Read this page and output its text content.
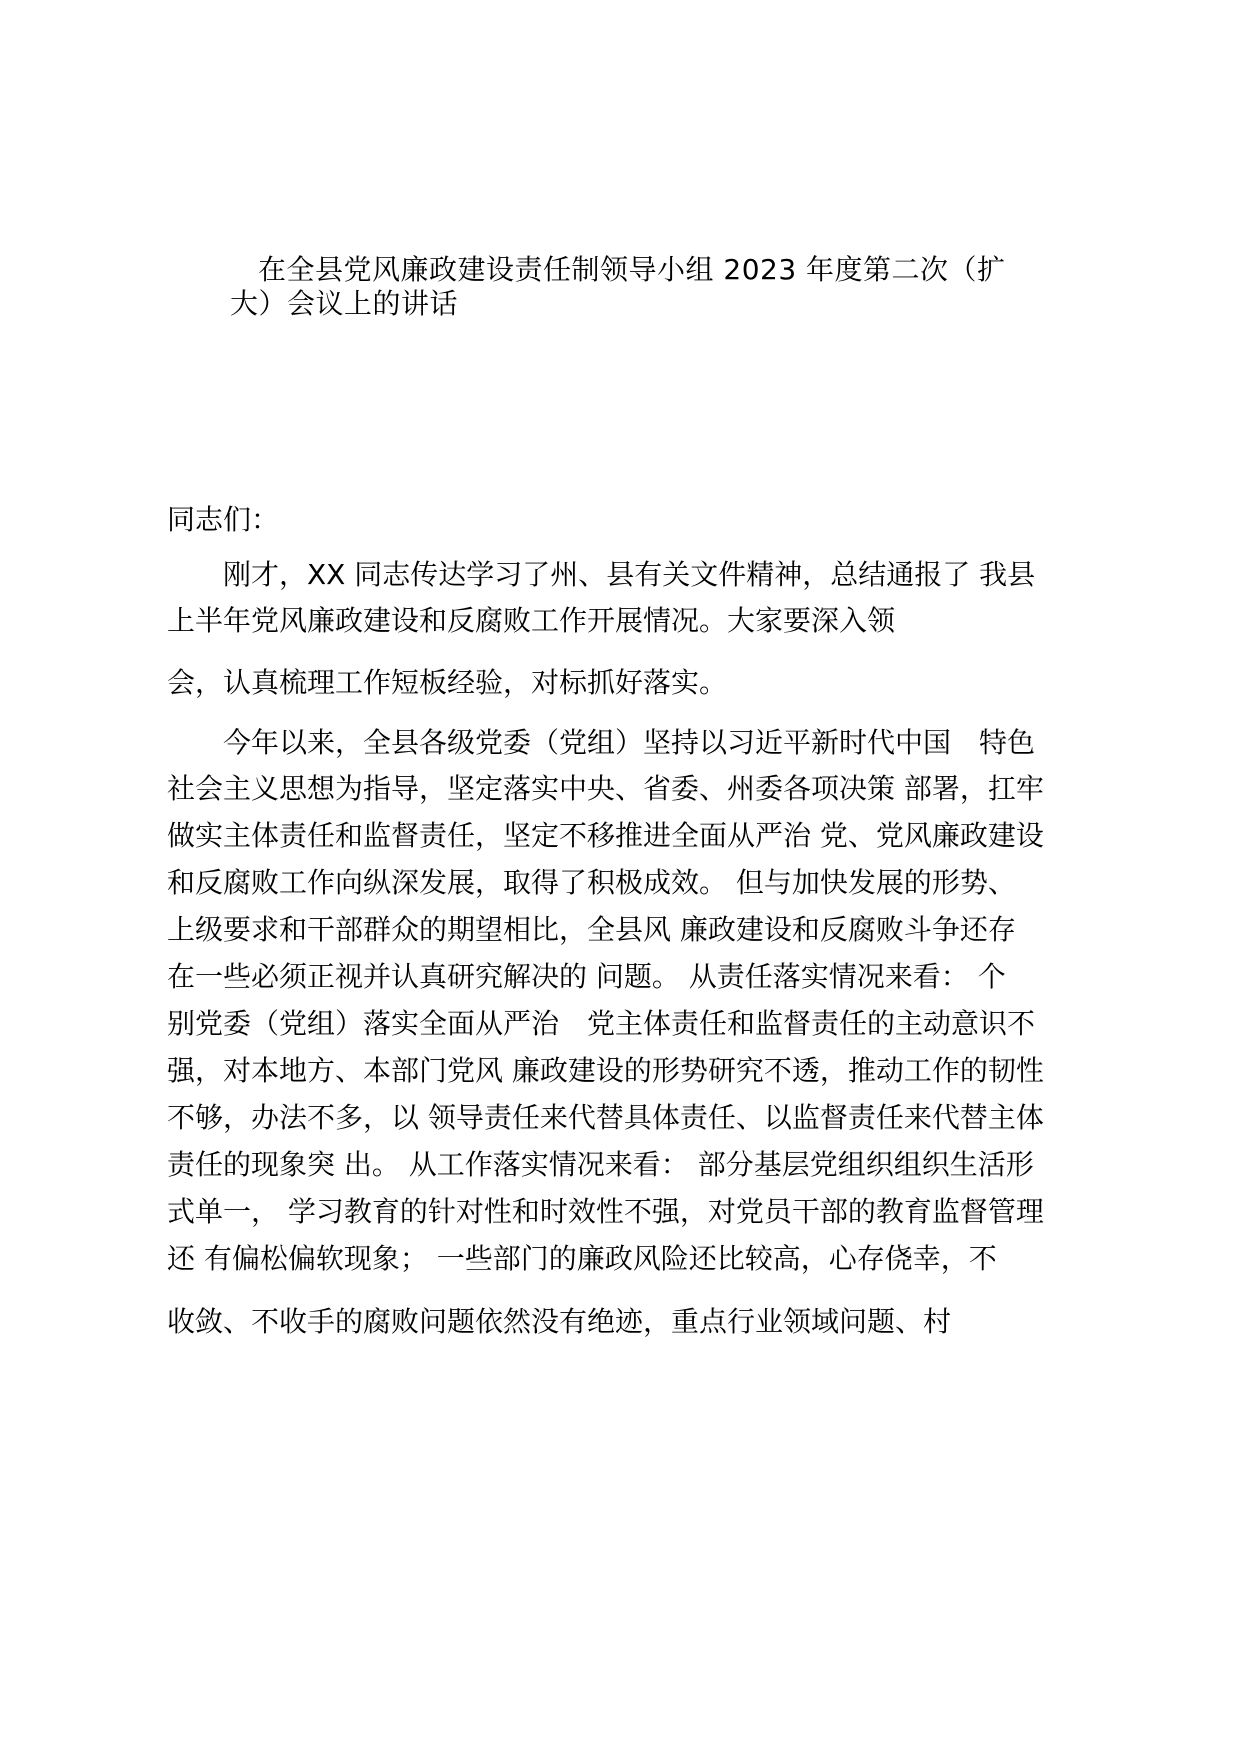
在全县党风廉政建设责任制领导小组 2023 年度第二次（扩
大）会议上的讲话
同志们：
　　刚才，XX 同志传达学习了州、县有关文件精神，总结通报了 我县
上半年党风廉政建设和反腐败工作开展情况。大家要深入领
会，认真梳理工作短板经验，对标抓好落实。
　　今年以来，全县各级党委（党组）坚持以习近平新时代中国　特色
社会主义思想为指导，坚定落实中央、省委、州委各项决策 部署，扛牢
做实主体责任和监督责任，坚定不移推进全面从严治 党、党风廉政建设
和反腐败工作向纵深发展，取得了积极成效。 但与加快发展的形势、
上级要求和干部群众的期望相比，全县风 廉政建设和反腐败斗争还存
在一些必须正视并认真研究解决的 问题。 从责任落实情况来看： 个
别党委（党组）落实全面从严治　党主体责任和监督责任的主动意识不
强，对本地方、本部门党风 廉政建设的形势研究不透，推动工作的韧性
不够，办法不多，以 领导责任来代替具体责任、以监督责任来代替主体
责任的现象突 出。 从工作落实情况来看： 部分基层党组织组织生活形
式单一， 学习教育的针对性和时效性不强，对党员干部的教育监督管理
还 有偏松偏软现象； 一些部门的廉政风险还比较高，心存侥幸，不
收敛、不收手的腐败问题依然没有绝迹，重点行业领域问题、村
